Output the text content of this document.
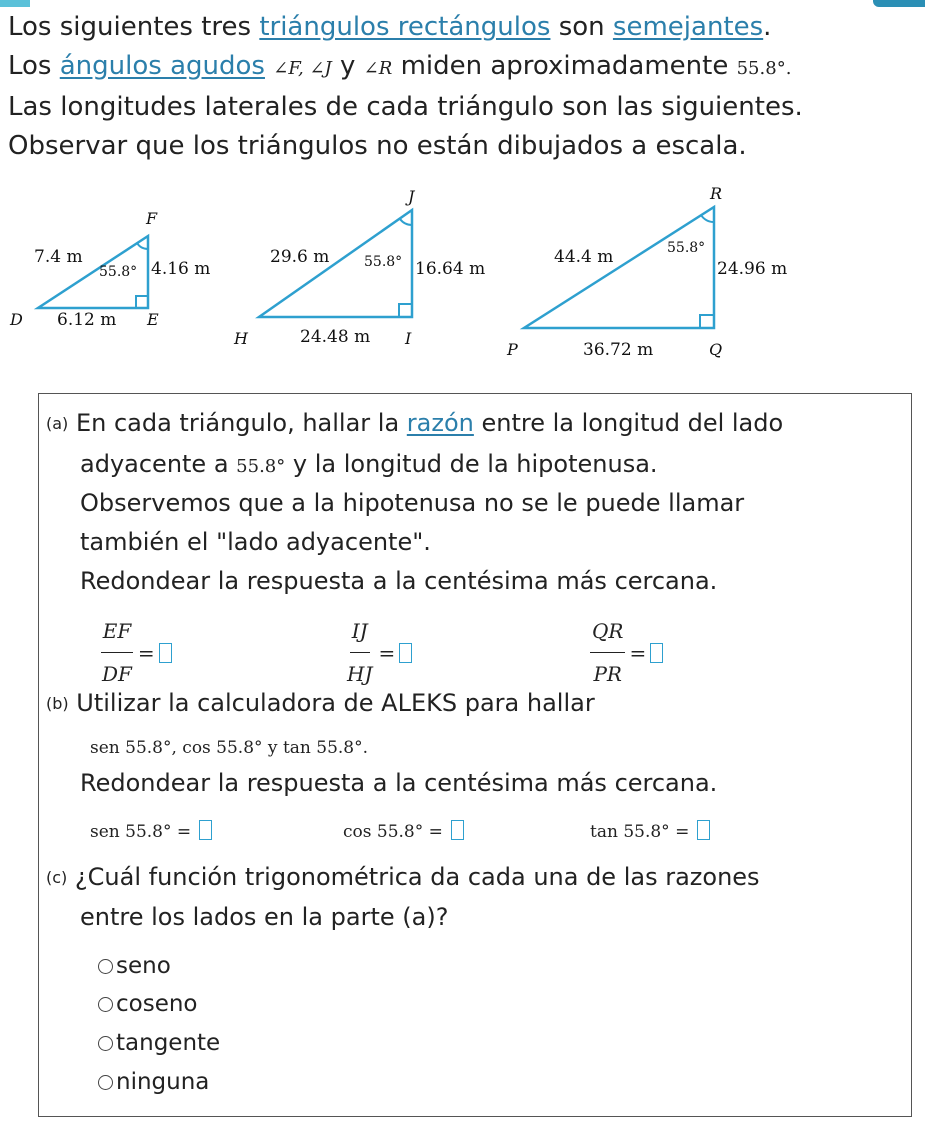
Los siguientes tres triángulos rectángulos son semejantes.

Los ángulos agudos ∠F, ∠J y ∠R miden aproximadamente 55.8°.

Las longitudes laterales de cada triángulo son las siguientes.

Observar que los triángulos no están dibujados a escala.

F
D	E
7.4 m
4.16 m
6.12 m
55.8°
J
H	I
29.6 m
16.64 m
24.48 m
55.8°
R
P	Q
44.4 m
24.96 m
36.72 m
55.8°
(a) En cada triángulo, hallar la razón entre la longitud del lado
adyacente a 55.8° y la longitud de la hipotenusa.
Observemos que a la hipotenusa no se le puede llamar
también el "lado adyacente".
Redondear la respuesta a la centésima más cercana.
$\frac{EF}{DF}$ =	$\frac{IJ}{HJ}$ =	$\frac{QR}{PR}$ =
(b) Utilizar la calculadora de ALEKS para hallar
sen 55.8°, cos 55.8° y tan 55.8°.
Redondear la respuesta a la centésima más cercana.
sen 55.8° =	cos 55.8° =	tan 55.8° =
(c) ¿Cuál función trigonométrica da cada una de las razones
entre los lados en la parte (a)?
seno
coseno
tangente
ninguna
